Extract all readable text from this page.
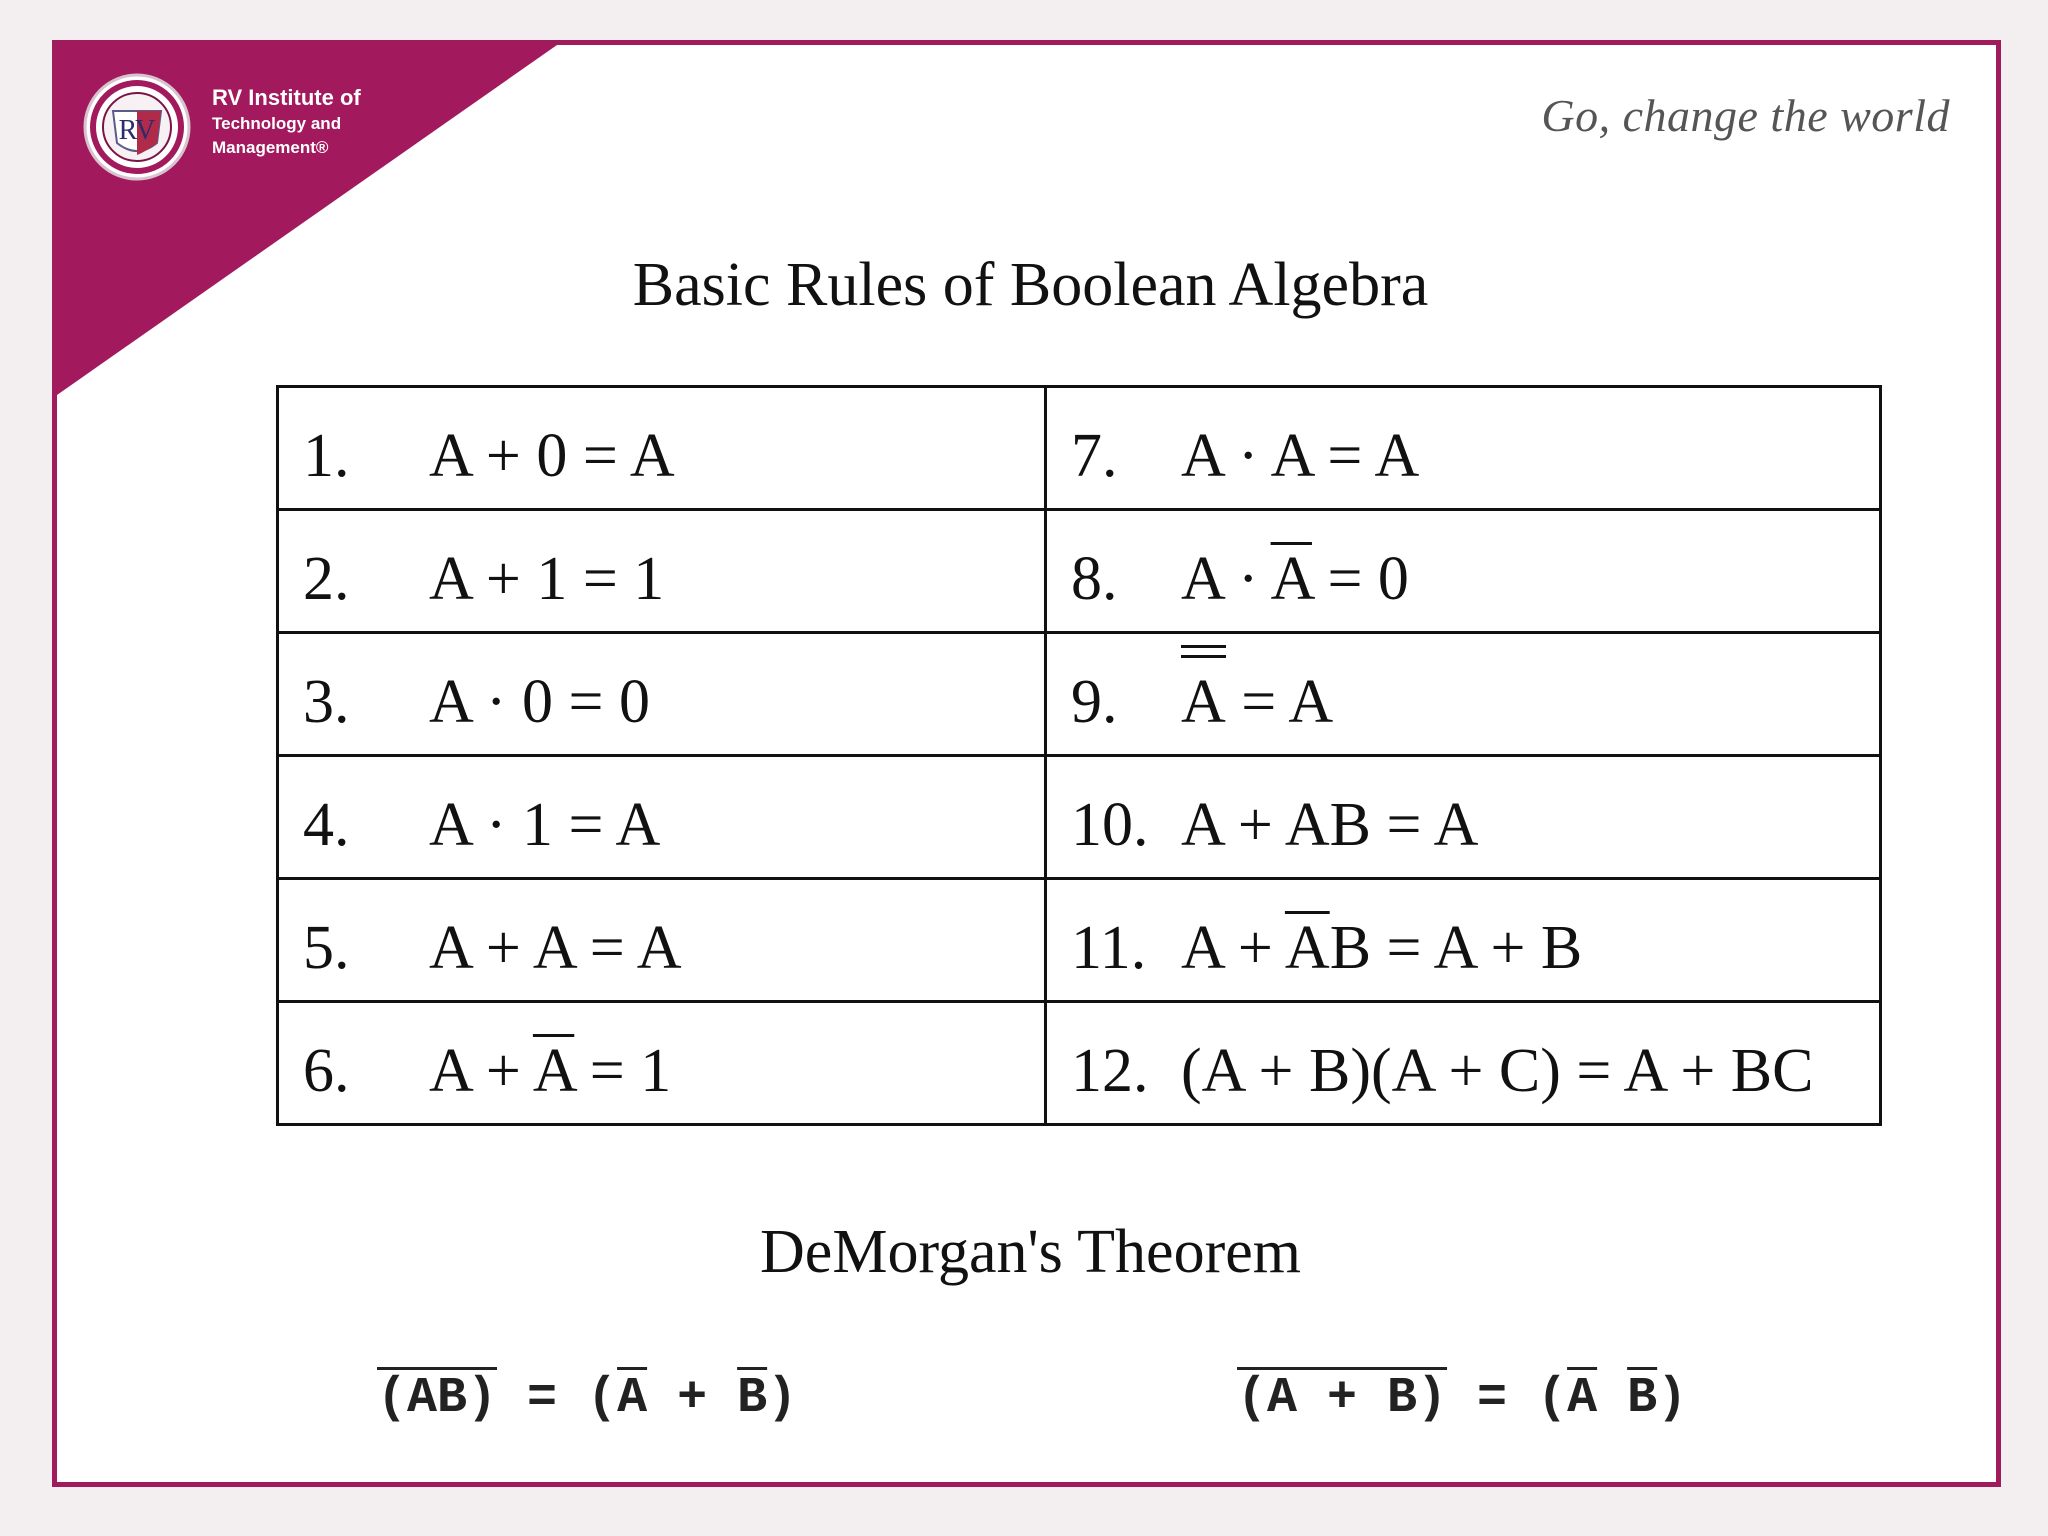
RV
RV Institute of
Technology and
Management®
Go, change the world
Basic Rules of Boolean Algebra
1. A + 0 = A	7. A · A = A

2. A + 1 = 1	8. $A \cdot \overline{A} = 0$

3. A · 0 = 0	9. A = A

4. A · 1 = A	10. A + AB = A

5. A + A = A	11. $A + \overline{A}B = A + B$

6. $A + \overline{A} = 1$	12. (A + B)(A + C) = A + BC
DeMorgan's Theorem
$(AB) = (\overline{A} + \overline{B})$	$(A + B) = (\overline{A}$ $\overline{B}$)
